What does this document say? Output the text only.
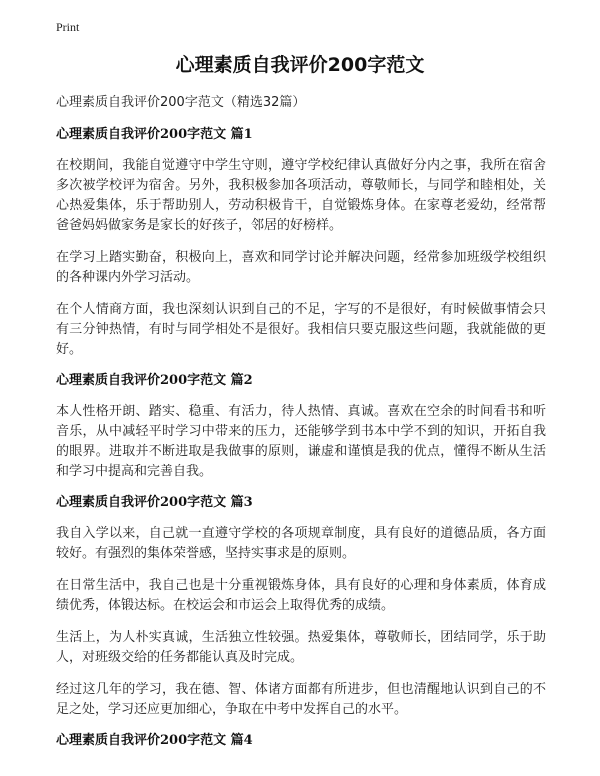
Print
心理素质自我评价200字范文

心理素质自我评价200字范文（精选32篇）

心理素质自我评价200字范文 篇1

在校期间，我能自觉遵守中学生守则，遵守学校纪律认真做好分内之事，我所在宿舍多次被学校评为宿舍。另外，我积极参加各项活动，尊敬师长，与同学和睦相处，关心热爱集体，乐于帮助别人，劳动积极肯干，自觉锻炼身体。在家尊老爱幼，经常帮爸爸妈妈做家务是家长的好孩子，邻居的好榜样。

在学习上踏实勤奋，积极向上，喜欢和同学讨论并解决问题，经常参加班级学校组织的各种课内外学习活动。

在个人情商方面，我也深刻认识到自己的不足，字写的不是很好，有时候做事情会只有三分钟热情，有时与同学相处不是很好。我相信只要克服这些问题，我就能做的更好。

心理素质自我评价200字范文 篇2

本人性格开朗、踏实、稳重、有活力，待人热情、真诚。喜欢在空余的时间看书和听音乐，从中减轻平时学习中带来的压力，还能够学到书本中学不到的知识，开拓自我的眼界。进取并不断进取是我做事的原则，谦虚和谨慎是我的优点，懂得不断从生活和学习中提高和完善自我。

心理素质自我评价200字范文 篇3

我自入学以来，自己就一直遵守学校的各项规章制度，具有良好的道德品质，各方面较好。有强烈的集体荣誉感，坚持实事求是的原则。

在日常生活中，我自己也是十分重视锻炼身体，具有良好的心理和身体素质，体育成绩优秀，体锻达标。在校运会和市运会上取得优秀的成绩。

生活上，为人朴实真诚，生活独立性较强。热爱集体，尊敬师长，团结同学，乐于助人，对班级交给的任务都能认真及时完成。

经过这几年的学习，我在德、智、体诸方面都有所进步，但也清醒地认识到自己的不足之处，学习还应更加细心，争取在中考中发挥自己的水平。

心理素质自我评价200字范文 篇4
